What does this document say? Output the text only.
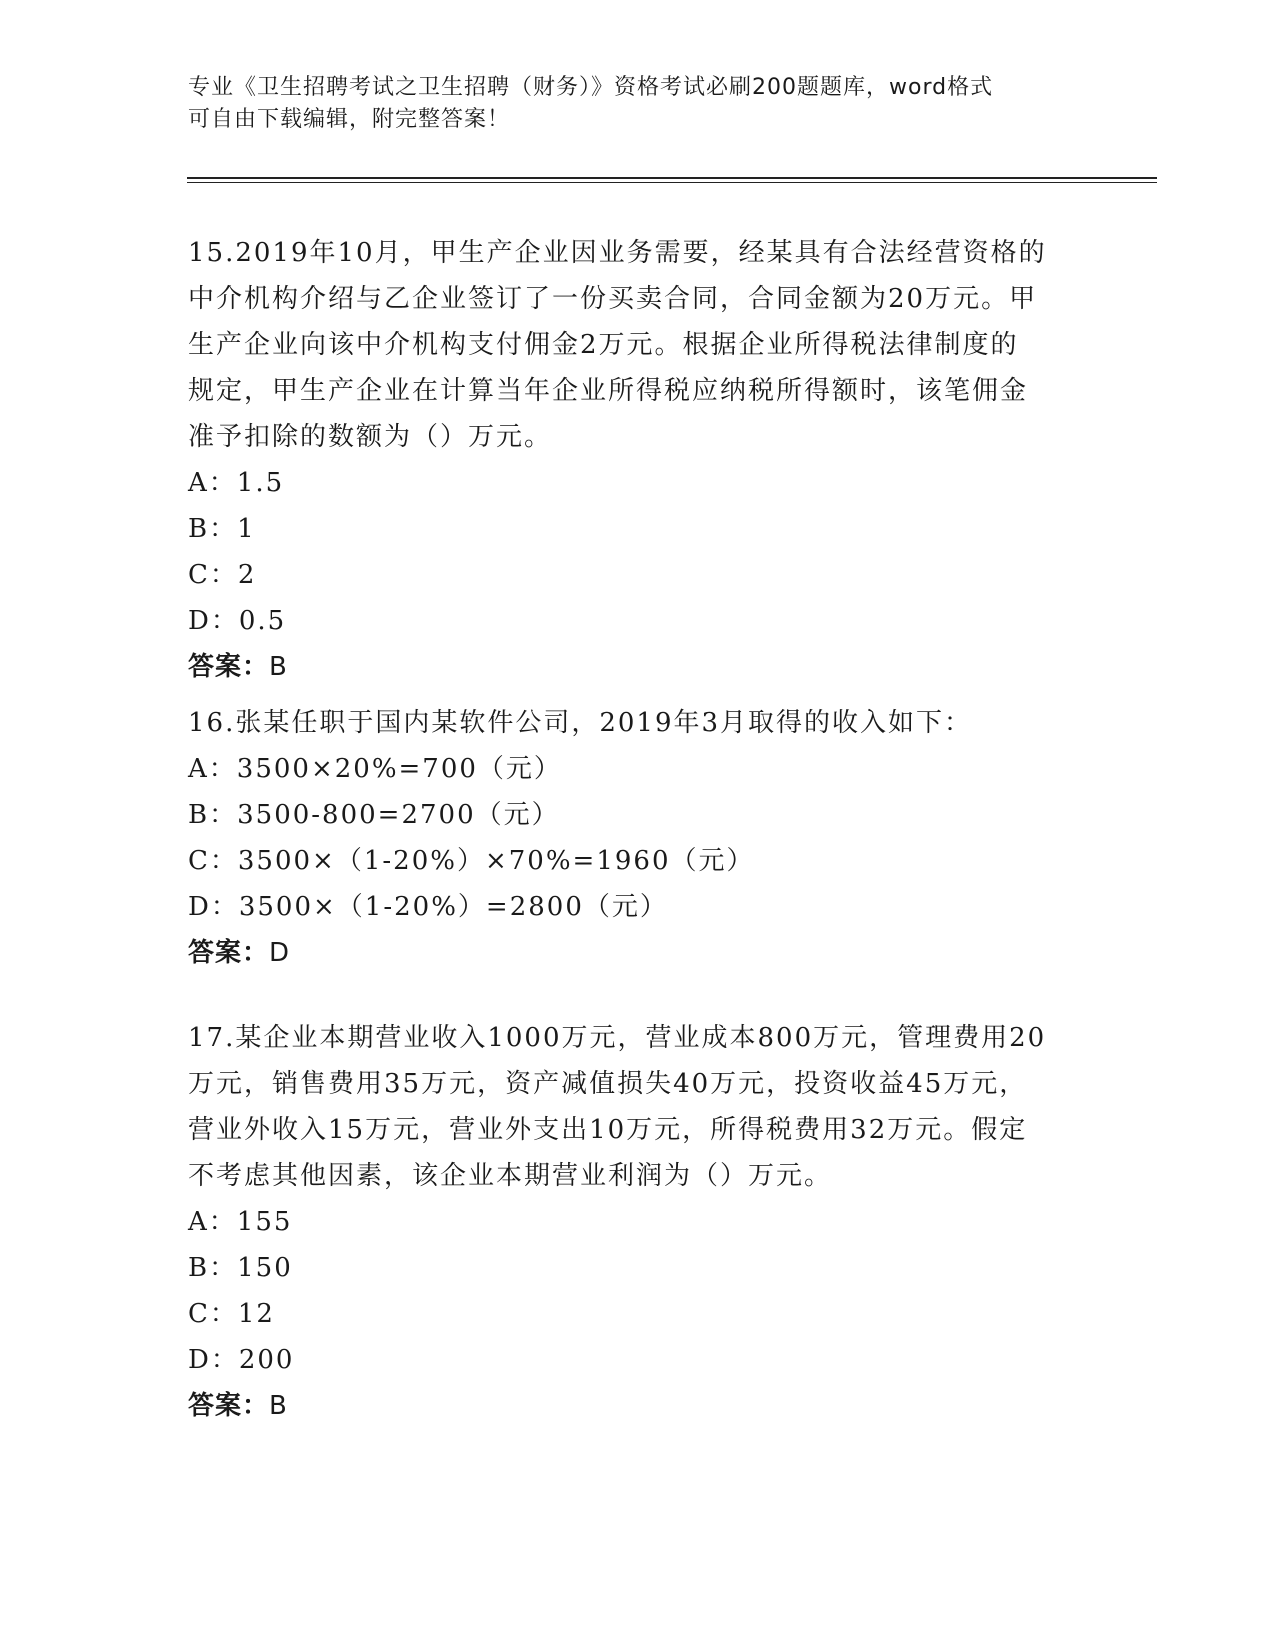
专业《卫生招聘考试之卫生招聘（财务）》资格考试必刷200题题库，word格式
可自由下载编辑，附完整答案！

15.2019年10月，甲生产企业因业务需要，经某具有合法经营资格的

中介机构介绍与乙企业签订了一份买卖合同，合同金额为20万元。甲

生产企业向该中介机构支付佣金2万元。根据企业所得税法律制度的

规定，甲生产企业在计算当年企业所得税应纳税所得额时，该笔佣金

准予扣除的数额为（）万元。

A：1.5

B：1

C：2

D：0.5

答案：B

16.张某任职于国内某软件公司，2019年3月取得的收入如下：

A：3500×20%=700（元）

B：3500-800=2700（元）

C：3500×（1-20%）×70%=1960（元）

D：3500×（1-20%）=2800（元）

答案：D

17.某企业本期营业收入1000万元，营业成本800万元，管理费用20

万元，销售费用35万元，资产减值损失40万元，投资收益45万元，

营业外收入15万元，营业外支出10万元，所得税费用32万元。假定

不考虑其他因素，该企业本期营业利润为（）万元。

A：155

B：150

C：12

D：200

答案：B
